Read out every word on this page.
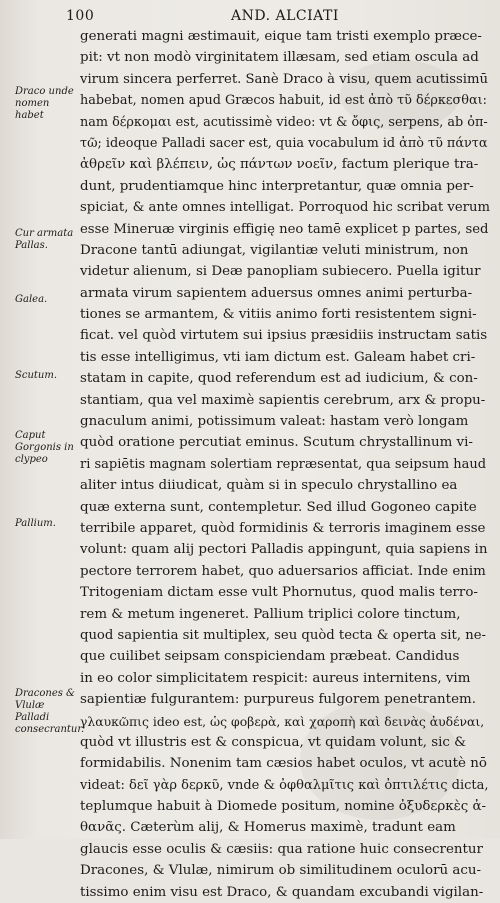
100	AND. ALCIATI
Draco unde nomen habet
Cur armata Pallas.
Galea.
Scutum.
Caput Gorgonis in clypeo
Pallium.
Dracones & Vlulæ Palladi consecrantur.
generati magni æstimauit, eique tam tristi exemplo præce-
pit: vt non modò virginitatem illæsam, sed etiam oscula ad
virum sincera perferret. Sanè Draco à visu, quem acutissimū
habebat, nomen apud Græcos habuit, id est ἀπὸ τῦ δέρκεσθαι:
nam δέρκομαι est, acutissimè video: vt & ὄφις, serpens, ab ὀπ-
τῶ; ideoque Palladi sacer est, quia vocabulum id ἀπὸ τῦ πάντα
ἀθρεῖν καὶ βλέπειν, ὡς πάντων νοεῖν, factum plerique tra-
dunt, prudentiamque hinc interpretantur, quæ omnia per-
spiciat, & ante omnes intelligat. Porroquod hic scribat verum
esse Mineruæ virginis effigię neo tamē explicet p partes, sed
Dracone tantū adiungat, vigilantiæ veluti ministrum, non
videtur alienum, si Deæ panopliam subiecero. Puella igitur
armata virum sapientem aduersus omnes animi perturba-
tiones se armantem, & vitiis animo forti resistentem signi-
ficat. vel quòd virtutem sui ipsius præsidiis instructam satis
tis esse intelligimus, vti iam dictum est. Galeam habet cri-
statam in capite, quod referendum est ad iudicium, & con-
stantiam, qua vel maximè sapientis cerebrum, arx & propu-
gnaculum animi, potissimum valeat: hastam verò longam
quòd oratione percutiat eminus. Scutum chrystallinum vi-
ri sapiētis magnam solertiam repræsentat, qua seipsum haud
aliter intus diiudicat, quàm si in speculo chrystallino ea
quæ externa sunt, contempletur. Sed illud Gogoneo capite
terribile apparet, quòd formidinis & terroris imaginem esse
volunt: quam alij pectori Palladis appingunt, quia sapiens in
pectore terrorem habet, quo aduersarios afficiat. Inde enim
Tritogeniam dictam esse vult Phornutus, quod malis terro-
rem & metum ingeneret. Pallium triplici colore tinctum,
quod sapientia sit multiplex, seu quòd tecta & operta sit, ne-
que cuilibet seipsam conspiciendam præbeat. Candidus
in eo color simplicitatem respicit: aureus internitens, vim
sapientiæ fulgurantem: purpureus fulgorem penetrantem.
γλαυκῶπις ideo est, ὡς φοβερὰ, καὶ χαροπὴ καὶ δεινὰς ἀυδέναι,
quòd vt illustris est & conspicua, vt quidam volunt, sic &
formidabilis. Nonenim tam cæsios habet oculos, vt acutè nō
videat: δεῖ γὰρ δερκῦ, vnde & ὀφθαλμῖτις καὶ ὀπτιλέτις dicta,
teplumque habuit à Diomede positum, nomine ὀξυδερκὲς ἀ-
θανᾶς. Cæterùm alij, & Homerus maximè, tradunt eam
glaucis esse oculis & cæsiis: qua ratione huic consecrentur
Dracones, & Vlulæ, nimirum ob similitudinem oculorū acu-
tissimo enim visu est Draco, & quandam excubandi vigilan-
